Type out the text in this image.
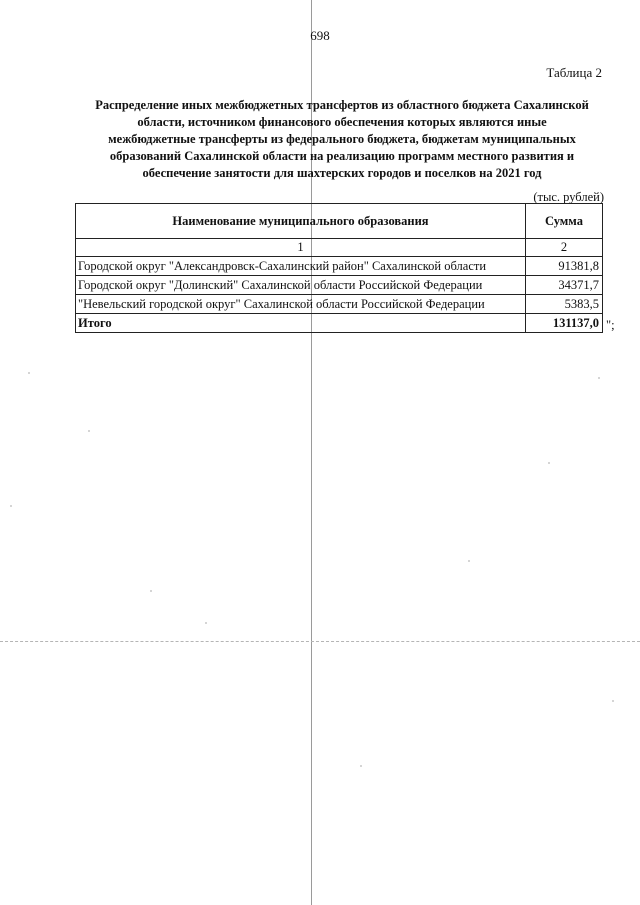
698
Таблица 2
Распределение иных межбюджетных трансфертов из областного бюджета Сахалинской
области, источником финансового обеспечения которых являются иные
межбюджетные трансферты из федерального бюджета, бюджетам муниципальных
образований Сахалинской области на реализацию программ местного развития и
обеспечение занятости для шахтерских городов и поселков на 2021 год
(тыс. рублей)
Наименование муниципального образования	Сумма
1	2
Городской округ "Александровск-Сахалинский район" Сахалинской области	91381,8
Городской округ "Долинский" Сахалинской области Российской Федерации	34371,7
"Невельский городской округ" Сахалинской области Российской Федерации	5383,5
Итого	131137,0 ";
